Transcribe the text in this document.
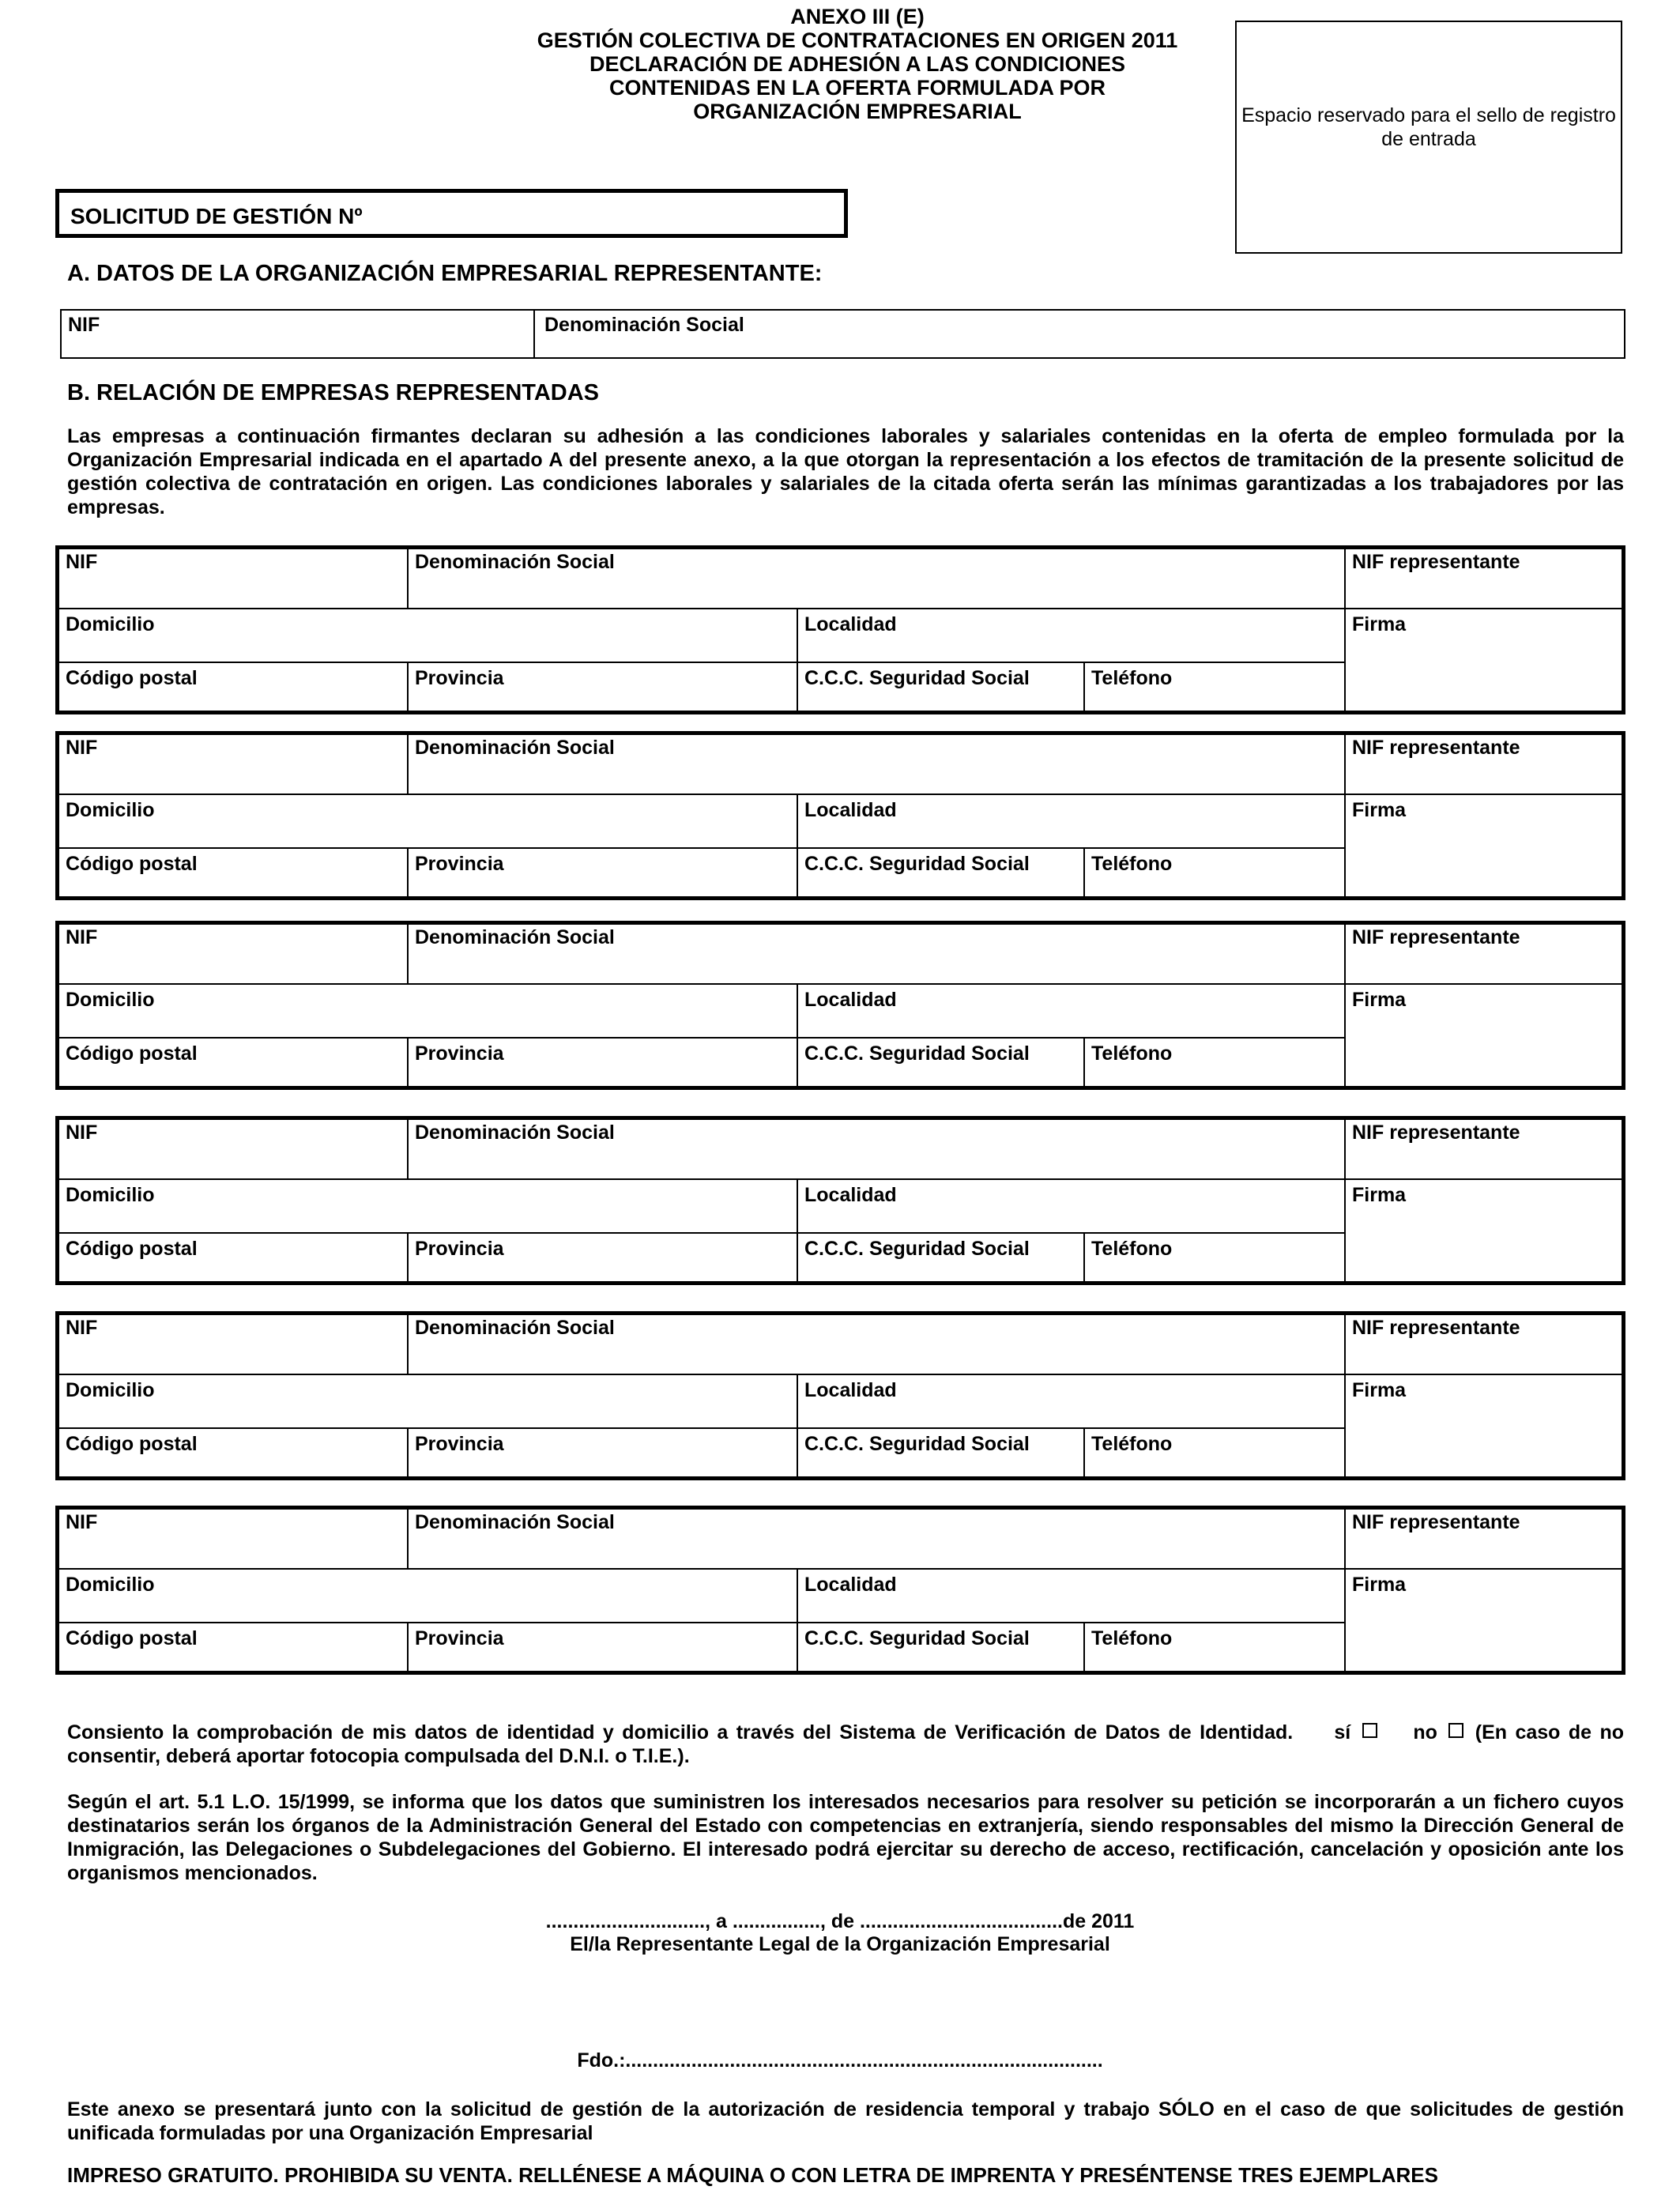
ANEXO III (E)
GESTIÓN COLECTIVA DE CONTRATACIONES EN ORIGEN 2011
DECLARACIÓN DE ADHESIÓN A LAS CONDICIONES
CONTENIDAS EN LA OFERTA FORMULADA POR
ORGANIZACIÓN EMPRESARIAL	Espacio reservado para el sello de registro de entrada
SOLICITUD DE GESTIÓN Nº
A. DATOS DE LA ORGANIZACIÓN EMPRESARIAL REPRESENTANTE:
NIF	Denominación Social
B. RELACIÓN DE EMPRESAS REPRESENTADAS
Las empresas a continuación firmantes declaran su adhesión a las condiciones laborales y salariales contenidas en la oferta de empleo formulada por la Organización Empresarial indicada en el apartado A del presente anexo, a la que otorgan la representación a los efectos de tramitación de la presente solicitud de gestión colectiva de contratación en origen. Las condiciones laborales y salariales de la citada oferta serán las mínimas garantizadas a los trabajadores por las empresas.
NIF	Denominación Social	NIF representante
Domicilio	Localidad	Firma
Código postal	Provincia	C.C.C. Seguridad Social	Teléfono
NIF	Denominación Social	NIF representante
Domicilio	Localidad	Firma
Código postal	Provincia	C.C.C. Seguridad Social	Teléfono
NIF	Denominación Social	NIF representante
Domicilio	Localidad	Firma
Código postal	Provincia	C.C.C. Seguridad Social	Teléfono
NIF	Denominación Social	NIF representante
Domicilio	Localidad	Firma
Código postal	Provincia	C.C.C. Seguridad Social	Teléfono
NIF	Denominación Social	NIF representante
Domicilio	Localidad	Firma
Código postal	Provincia	C.C.C. Seguridad Social	Teléfono
NIF	Denominación Social	NIF representante
Domicilio	Localidad	Firma
Código postal	Provincia	C.C.C. Seguridad Social	Teléfono
Consiento la comprobación de mis datos de identidad y domicilio a través del Sistema de Verificación de Datos de Identidad. sí	no (En caso de no consentir, deberá aportar fotocopia compulsada del D.N.I. o T.I.E.).
Según el art. 5.1 L.O. 15/1999, se informa que los datos que suministren los interesados necesarios para resolver su petición se incorporarán a un fichero cuyos destinatarios serán los órganos de la Administración General del Estado con competencias en extranjería, siendo responsables del mismo la Dirección General de Inmigración, las Delegaciones o Subdelegaciones del Gobierno. El interesado podrá ejercitar su derecho de acceso, rectificación, cancelación y oposición ante los organismos mencionados.
............................., a ................, de .....................................de 2011
El/la Representante Legal de la Organización Empresarial
Fdo.:.......................................................................................
Este anexo se presentará junto con la solicitud de gestión de la autorización de residencia temporal y trabajo SÓLO en el caso de que solicitudes de gestión unificada formuladas por una Organización Empresarial
IMPRESO GRATUITO. PROHIBIDA SU VENTA. RELLÉNESE A MÁQUINA O CON LETRA DE IMPRENTA Y PRESÉNTENSE TRES EJEMPLARES
